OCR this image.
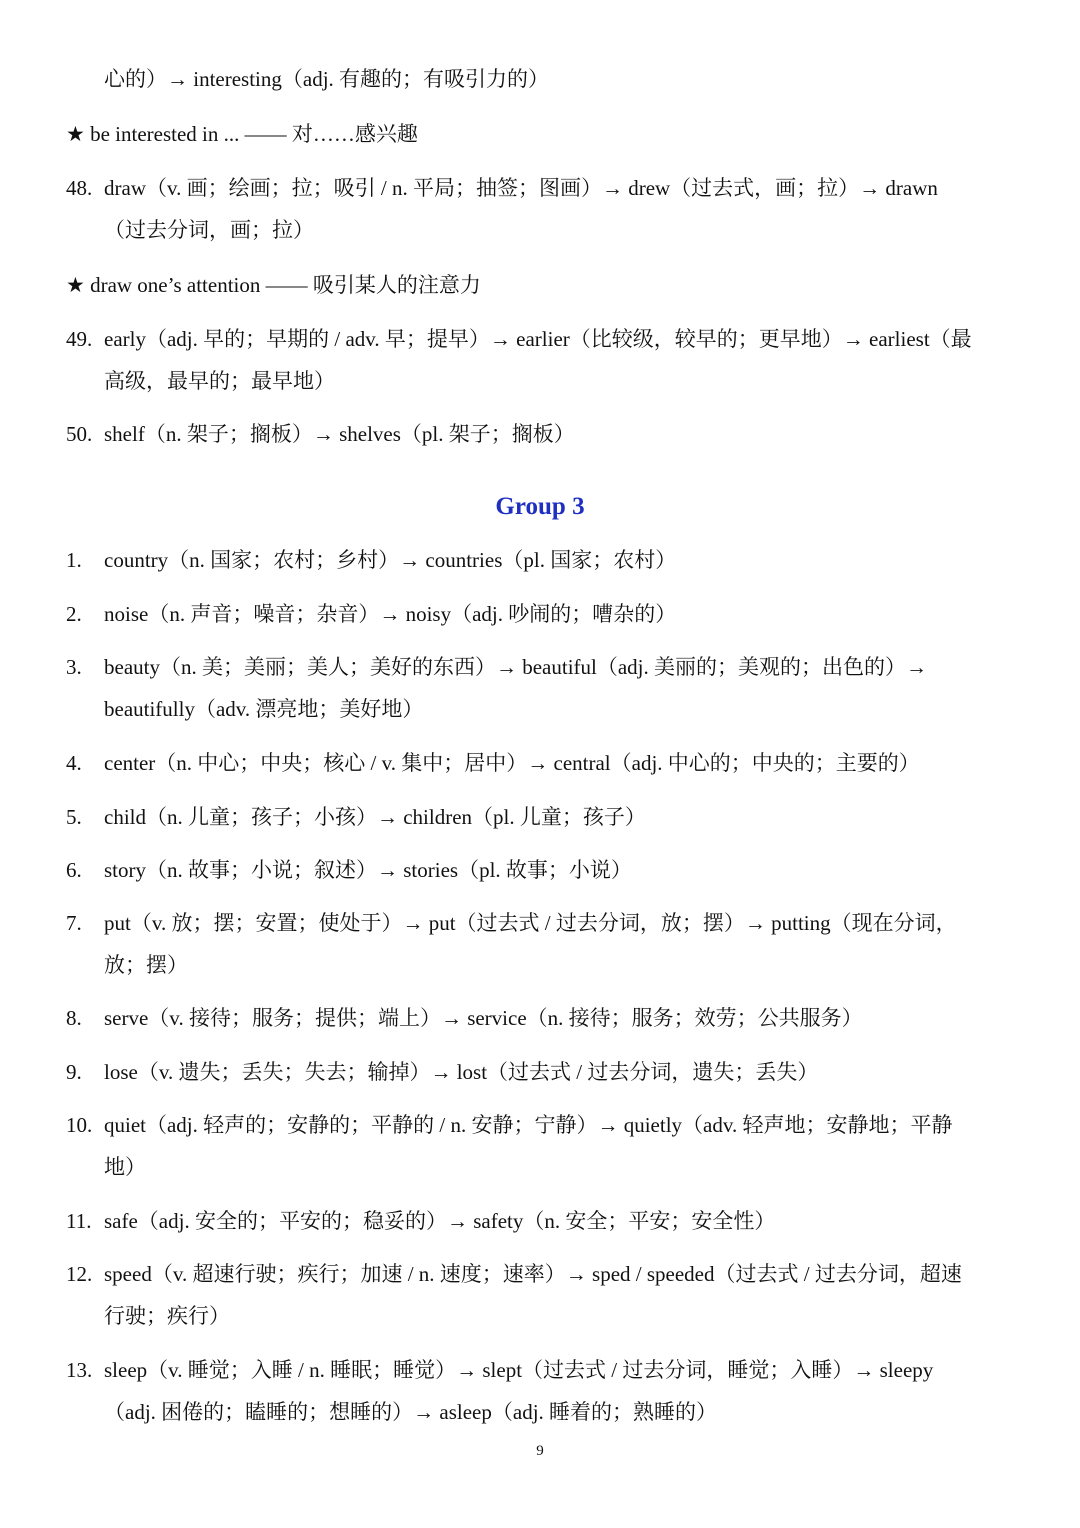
心的）→ interesting（adj. 有趣的；有吸引力的）
★ be interested in ... —— 对……感兴趣
48. draw（v. 画；绘画；拉；吸引 / n. 平局；抽签；图画）→ drew（过去式，画；拉）→ drawn
（过去分词，画；拉）
★ draw one’s attention —— 吸引某人的注意力
49. early（adj. 早的；早期的 / adv. 早；提早）→ earlier（比较级，较早的；更早地）→ earliest（最
高级，最早的；最早地）
50. shelf（n. 架子；搁板）→ shelves（pl. 架子；搁板）
Group 3
1. country（n. 国家；农村；乡村）→ countries（pl. 国家；农村）
2. noise（n. 声音；噪音；杂音）→ noisy（adj. 吵闹的；嘈杂的）
3. beauty（n. 美；美丽；美人；美好的东西）→ beautiful（adj. 美丽的；美观的；出色的）→
beautifully（adv. 漂亮地；美好地）
4. center（n. 中心；中央；核心 / v. 集中；居中）→ central（adj. 中心的；中央的；主要的）
5. child（n. 儿童；孩子；小孩）→ children（pl. 儿童；孩子）
6. story（n. 故事；小说；叙述）→ stories（pl. 故事；小说）
7. put（v. 放；摆；安置；使处于）→ put（过去式 / 过去分词，放；摆）→ putting（现在分词，
放；摆）
8. serve（v. 接待；服务；提供；端上）→ service（n. 接待；服务；效劳；公共服务）
9. lose（v. 遗失；丢失；失去；输掉）→ lost（过去式 / 过去分词，遗失；丢失）
10. quiet（adj. 轻声的；安静的；平静的 / n. 安静；宁静）→ quietly（adv. 轻声地；安静地；平静
地）
11. safe（adj. 安全的；平安的；稳妥的）→ safety（n. 安全；平安；安全性）
12. speed（v. 超速行驶；疾行；加速 / n. 速度；速率）→ sped / speeded（过去式 / 过去分词，超速
行驶；疾行）
13. sleep（v. 睡觉；入睡 / n. 睡眠；睡觉）→ slept（过去式 / 过去分词，睡觉；入睡）→ sleepy
（adj. 困倦的；瞌睡的；想睡的）→ asleep（adj. 睡着的；熟睡的）
9
